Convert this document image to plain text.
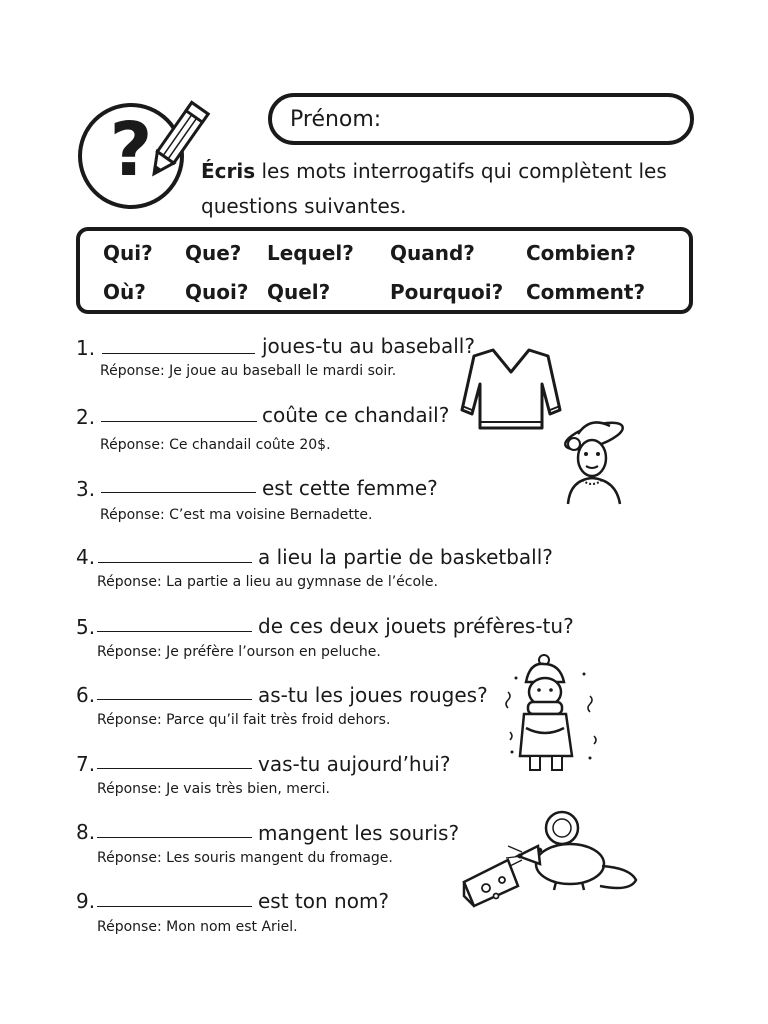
?	Prénom:
Écris les mots interrogatifs qui complètent les questions suivantes.
Qui? Que? Lequel? Quand?	Combien?
Où? Quoi? Quel?	Pourquoi? Comment?
1.	joues-tu au baseball?
Réponse: Je joue au baseball le mardi soir.
2.	coûte ce chandail?
Réponse: Ce chandail coûte 20$.
3.	est cette femme?
Réponse: C’est ma voisine Bernadette.
4.	a lieu la partie de basketball?
Réponse: La partie a lieu au gymnase de l’école.
5.	de ces deux jouets préfères-tu?
Réponse: Je préfère l’ourson en peluche.
6.	as-tu les joues rouges?
Réponse: Parce qu’il fait très froid dehors.
7.	vas-tu aujourd’hui?
Réponse: Je vais très bien, merci.
8.	mangent les souris?
Réponse: Les souris mangent du fromage.
9.	est ton nom?
Réponse: Mon nom est Ariel.
